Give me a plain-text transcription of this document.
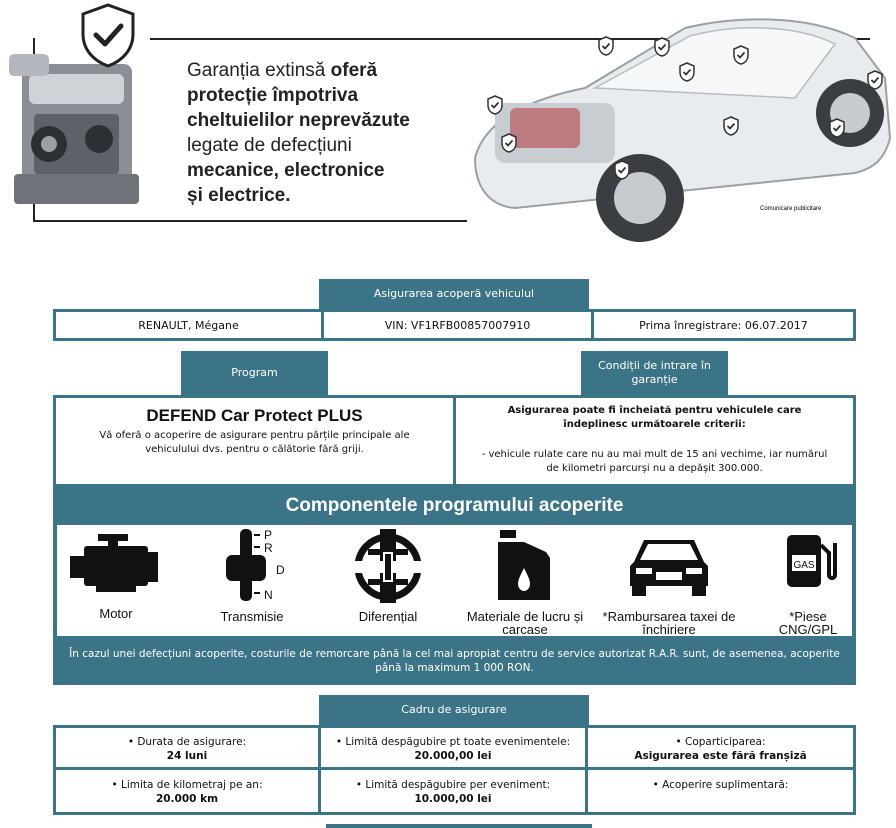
Garanția extinsă oferă
protecție împotriva
cheltuielilor neprevăzute
legate de defecțiuni
mecanice, electronice
și electrice.
Comunicare publicitare
Asigurarea acoperă vehiculul
RENAULT, Mégane	VIN: VF1RFB00857007910	Prima înregistrare: 06.07.2017
Program
Condiții de intrare în garanție
DEFEND Car Protect PLUS
Vă oferă o acoperire de asigurare pentru părțile principale ale vehiculului dvs. pentru o călătorie fără griji.
Asigurarea poate fi încheiată pentru vehiculele care îndeplinesc următoarele criterii:
- vehicule rulate care nu au mai mult de 15 ani vechime, iar numărul de kilometri parcurși nu a depășit 300.000.
Componentele programului acoperite
Motor
P
R
D
N
Transmisie	Diferențial	Materiale de lucru și carcase
*Rambursarea taxei de închiriere
GAS
*Piese CNG/GPL
În cazul unei defecțiuni acoperite, costurile de remorcare până la cel mai apropiat centru de service autorizat R.A.R. sunt, de asemenea, acoperite până la maximum 1 000 RON.
Cadru de asigurare
• Durata de asigurare:
24 luni
• Limită despăgubire pt toate evenimentele:
20.000,00 lei
• Coparticiparea:
Asigurarea este fără franșiză
• Limita de kilometraj pe an:
20.000 km
• Limită despăgubire per eveniment:
10.000,00 lei
• Acoperire suplimentară:
